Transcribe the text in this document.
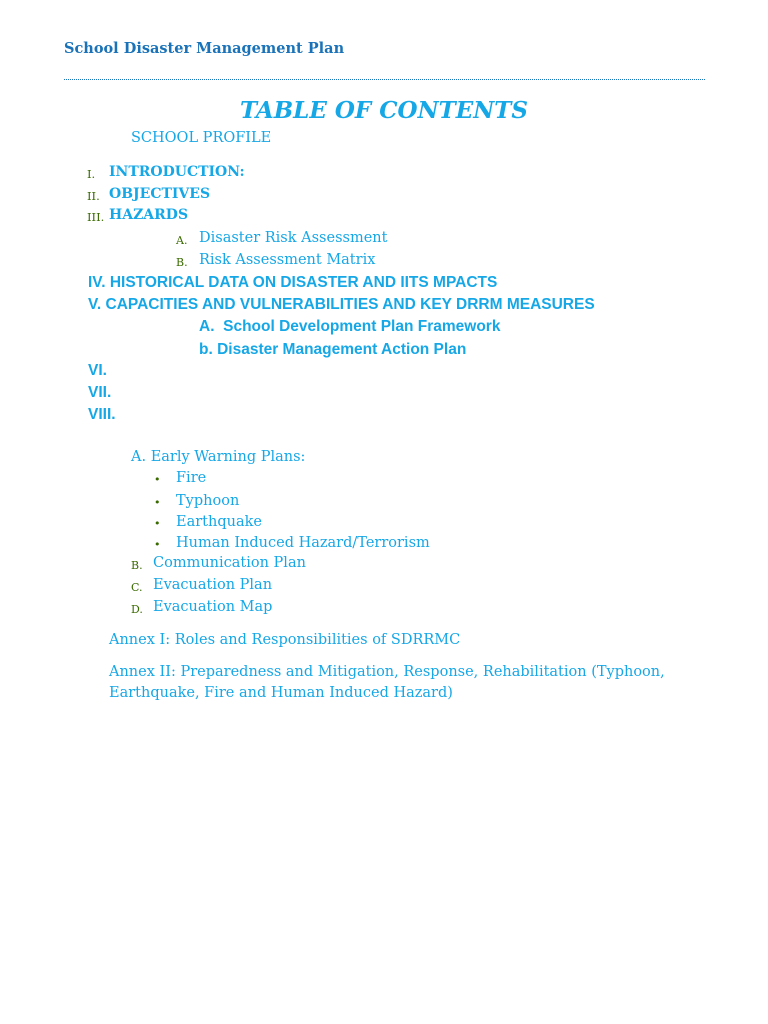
School Disaster Management Plan
TABLE OF CONTENTS
SCHOOL PROFILE
I. INTRODUCTION:
II. OBJECTIVES
III. HAZARDS
A. Disaster Risk Assessment
B. Risk Assessment Matrix
IV. HISTORICAL DATA ON DISASTER AND IITS MPACTS
V. CAPACITIES AND VULNERABILITIES AND KEY DRRM MEASURES
A.  School Development Plan Framework
b. Disaster Management Action Plan
VI.
VII.
VIII.
A. Early Warning Plans:
• Fire
• Typhoon
• Earthquake
• Human Induced Hazard/Terrorism
B. Communication Plan
C. Evacuation Plan
D. Evacuation Map
Annex I: Roles and Responsibilities of SDRRMC
Annex II: Preparedness and Mitigation, Response, Rehabilitation (Typhoon,
Earthquake, Fire and Human Induced Hazard)
